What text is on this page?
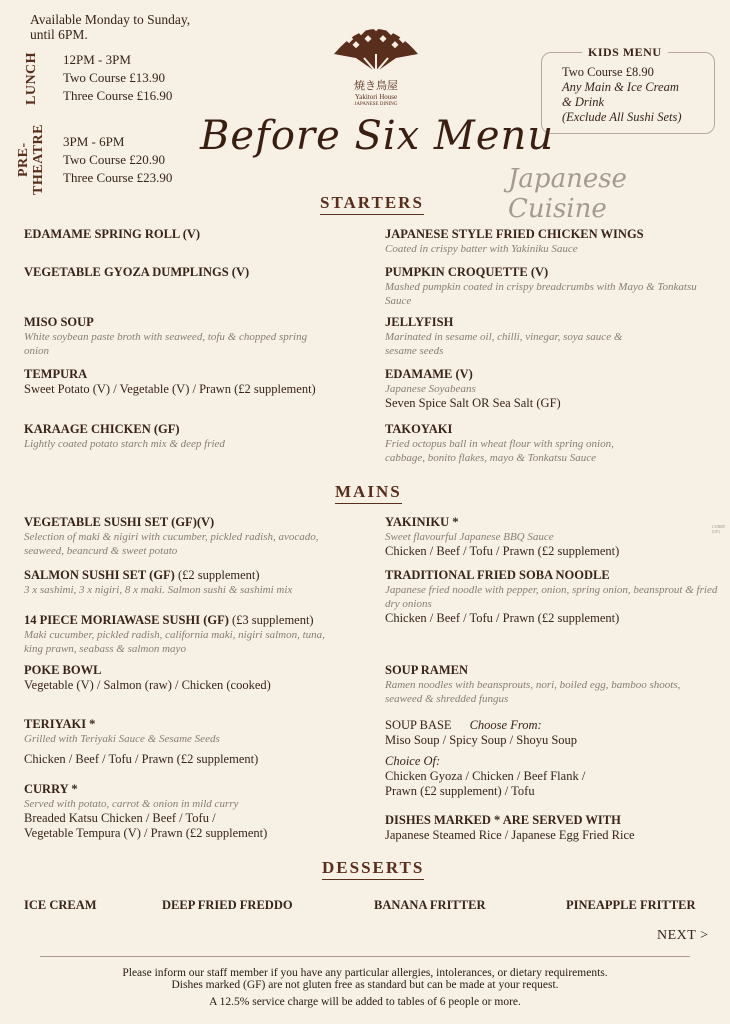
Available Monday to Sunday, until 6PM.
LUNCH 12PM - 3PM
Two Course £13.90
Three Course £16.90
PRE-
THEATRE 3PM - 6PM
Two Course £20.90
Three Course £23.90
焼き鳥屋
Yakitori House
JAPANESE DINING
KIDS MENU
Two Course £8.90
Any Main & Ice Cream
& Drink
(Exclude All Sushi Sets)
Before Six Menu
Japanese Cuisine
STARTERS
EDAMAME SPRING ROLL (V)
VEGETABLE GYOZA DUMPLINGS (V)
MISO SOUP
White soybean paste broth with seaweed, tofu & chopped spring onion
TEMPURA
Sweet Potato (V) / Vegetable (V) / Prawn (£2 supplement)
KARAAGE CHICKEN (GF)
Lightly coated potato starch mix & deep fried
JAPANESE STYLE FRIED CHICKEN WINGS
Coated in crispy batter with Yakiniku Sauce
PUMPKIN CROQUETTE (V)
Mashed pumpkin coated in crispy breadcrumbs with Mayo & Tonkatsu Sauce
JELLYFISH
Marinated in sesame oil, chilli, vinegar, soya sauce & sesame seeds
EDAMAME (V)
Japanese Soyabeans
Seven Spice Salt OR Sea Salt (GF)
TAKOYAKI
Fried octopus ball in wheat flour with spring onion, cabbage, bonito flakes, mayo & Tonkatsu Sauce
MAINS
VEGETABLE SUSHI SET (GF)(V)
Selection of maki & nigiri with cucumber, pickled radish, avocado, seaweed, beancurd & sweet potato
SALMON SUSHI SET (GF) (£2 supplement)
3 x sashimi, 3 x nigiri, 8 x maki. Salmon sushi & sashimi mix
14 PIECE MORIAWASE SUSHI (GF) (£3 supplement)
Maki cucumber, pickled radish, california maki, nigiri salmon, tuna, king prawn, seabass & salmon mayo
POKE BOWL
Vegetable (V) / Salmon (raw) / Chicken (cooked)
TERIYAKI *
Grilled with Teriyaki Sauce & Sesame Seeds
Chicken / Beef / Tofu / Prawn (£2 supplement)
CURRY *
Served with potato, carrot & onion in mild curry
Breaded Katsu Chicken / Beef / Tofu /
Vegetable Tempura (V) / Prawn (£2 supplement)
YAKINIKU *
Sweet flavourful Japanese BBQ Sauce
Chicken / Beef / Tofu / Prawn (£2 supplement)
TRADITIONAL FRIED SOBA NOODLE
Japanese fried noodle with pepper, onion, spring onion, beansprout & fried dry onions
Chicken / Beef / Tofu / Prawn (£2 supplement)
SOUP RAMEN
Ramen noodles with beansprouts, nori, boiled egg, bamboo shoots, seaweed & shredded fungus
SOUP BASE Choose From:
Miso Soup / Spicy Soup / Shoyu Soup
Choice Of:
Chicken Gyoza / Chicken / Beef Flank /
Prawn (£2 supplement) / Tofu
DISHES MARKED * ARE SERVED WITH
Japanese Steamed Rice / Japanese Egg Fried Rice
CURRY (GF)
DESSERTS
ICE CREAM	DEEP FRIED FREDDO	BANANA FRITTER	PINEAPPLE FRITTER
NEXT >
Please inform our staff member if you have any particular allergies, intolerances, or dietary requirements.
Dishes marked (GF) are not gluten free as standard but can be made at your request.
A 12.5% service charge will be added to tables of 6 people or more.
